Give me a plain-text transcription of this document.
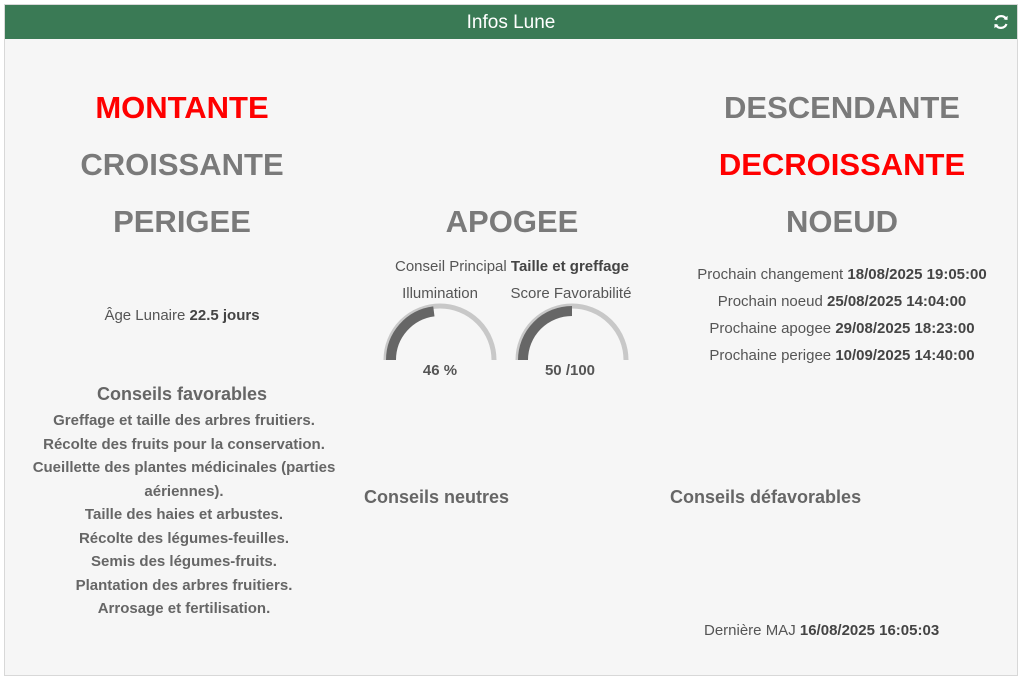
Infos Lune
MONTANTE	DESCENDANTE
CROISSANTE	DECROISSANTE
PERIGEE	APOGEE	NOEUD
Âge Lunaire 22.5 jours
Conseil Principal Taille et greffage
Illumination	Score Favorabilité
46 %	50 /100
Prochain changement 18/08/2025 19:05:00
Prochain noeud 25/08/2025 14:04:00
Prochaine apogee 29/08/2025 18:23:00
Prochaine perigee 10/09/2025 14:40:00
Conseils favorables
Greffage et taille des arbres fruitiers.
Récolte des fruits pour la conservation.
Cueillette des plantes médicinales (parties
aériennes).
Taille des haies et arbustes.
Récolte des légumes-feuilles.
Semis des légumes-fruits.
Plantation des arbres fruitiers.
Arrosage et fertilisation.
Conseils neutres	Conseils défavorables
Dernière MAJ 16/08/2025 16:05:03
